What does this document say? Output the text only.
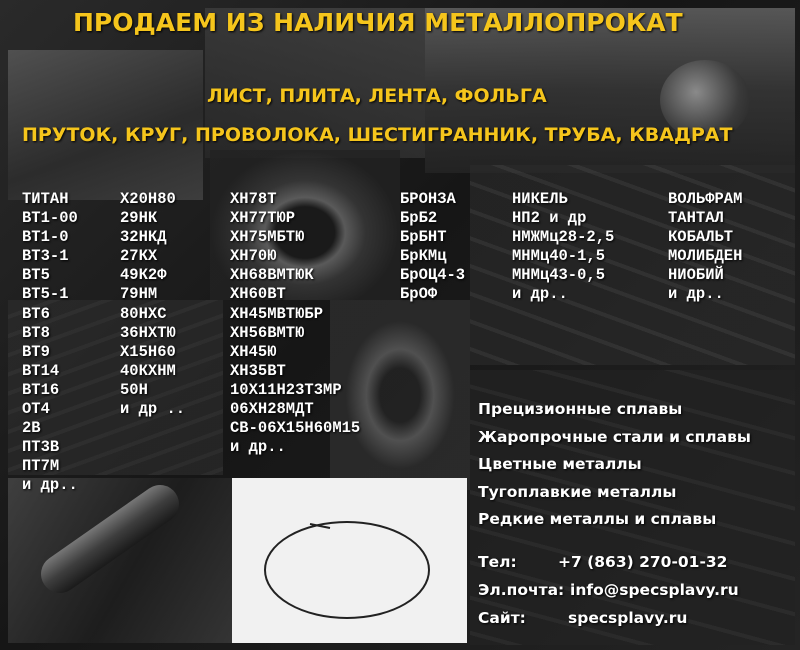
ПРОДАЕМ ИЗ НАЛИЧИЯ МЕТАЛЛОПРОКАТ
ЛИСТ, ПЛИТА, ЛЕНТА, ФОЛЬГА
ПРУТОК, КРУГ, ПРОВОЛОКА, ШЕСТИГРАННИК, ТРУБА, КВАДРАТ
ТИТАН
ВТ1-00
ВТ1-0
ВТ3-1
ВТ5
ВТ5-1
ВТ6
ВТ8
ВТ9
ВТ14
ВТ16
ОТ4
2В
ПТ3В
ПТ7М
и др..
Х20Н80
29НК
32НКД
27КХ
49К2Ф
79НМ
80НХС
36НХТЮ
Х15Н60
40КХНМ
50Н
и др ..
ХН78Т
ХН77ТЮР
ХН75МБТЮ
ХН70Ю
ХН68ВМТЮК
ХН60ВТ
ХН45МВТЮБР
ХН56ВМТЮ
ХН45Ю
ХН35ВТ
10Х11Н23Т3МР
06ХН28МДТ
СВ-06Х15Н60М15
и др..
БРОНЗА
БрБ2
БрБНТ
БрКМц
БрОЦ4-3
БрОФ
НИКЕЛЬ
НП2 и др
НМЖМц28-2,5
МНМц40-1,5
МНМц43-0,5
и др..
ВОЛЬФРАМ
ТАНТАЛ
КОБАЛЬТ
МОЛИБДЕН
НИОБИЙ
и др..
Прецизионные сплавы
Жаропрочные стали и сплавы
Цветные металлы
Тугоплавкие металлы
Редкие металлы и сплавы
Тел:	+7 (863) 270-01-32
Эл.почта: info@specsplavy.ru
Сайт:	specsplavy.ru
